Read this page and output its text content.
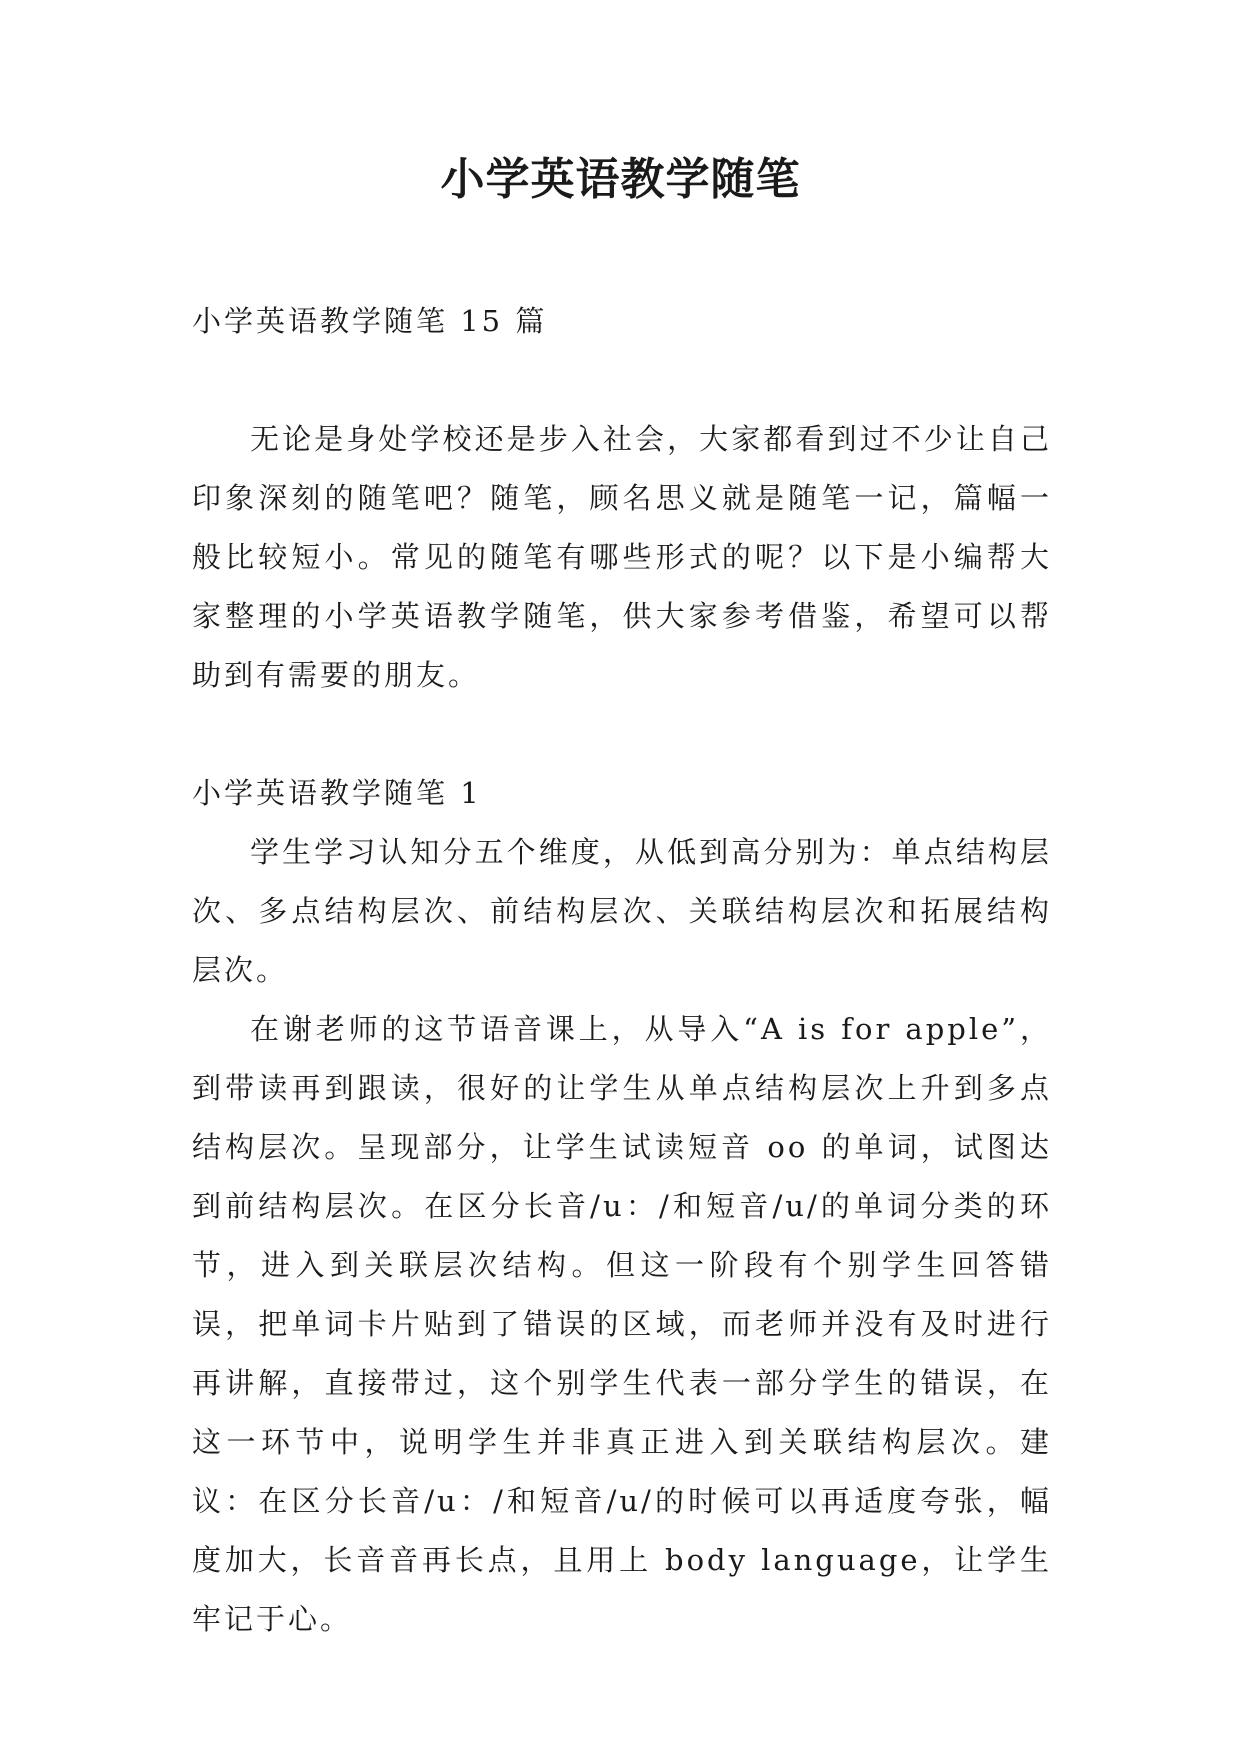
小学英语教学随笔

小学英语教学随笔 15 篇

无论是身处学校还是步入社会，大家都看到过不少让自己印象深刻的随笔吧？随笔，顾名思义就是随笔一记，篇幅一般比较短小。常见的随笔有哪些形式的呢？以下是小编帮大家整理的小学英语教学随笔，供大家参考借鉴，希望可以帮助到有需要的朋友。

小学英语教学随笔 1

学生学习认知分五个维度，从低到高分别为：单点结构层次、多点结构层次、前结构层次、关联结构层次和拓展结构层次。

在谢老师的这节语音课上，从导入“A is for apple”，到带读再到跟读，很好的让学生从单点结构层次上升到多点结构层次。呈现部分，让学生试读短音 oo 的单词，试图达到前结构层次。在区分长音/u：/和短音/u/的单词分类的环节，进入到关联层次结构。但这一阶段有个别学生回答错误，把单词卡片贴到了错误的区域，而老师并没有及时进行再讲解，直接带过，这个别学生代表一部分学生的错误，在这一环节中，说明学生并非真正进入到关联结构层次。建议：在区分长音/u：/和短音/u/的时候可以再适度夸张，幅度加大，长音音再长点，且用上 body language，让学生牢记于心。
